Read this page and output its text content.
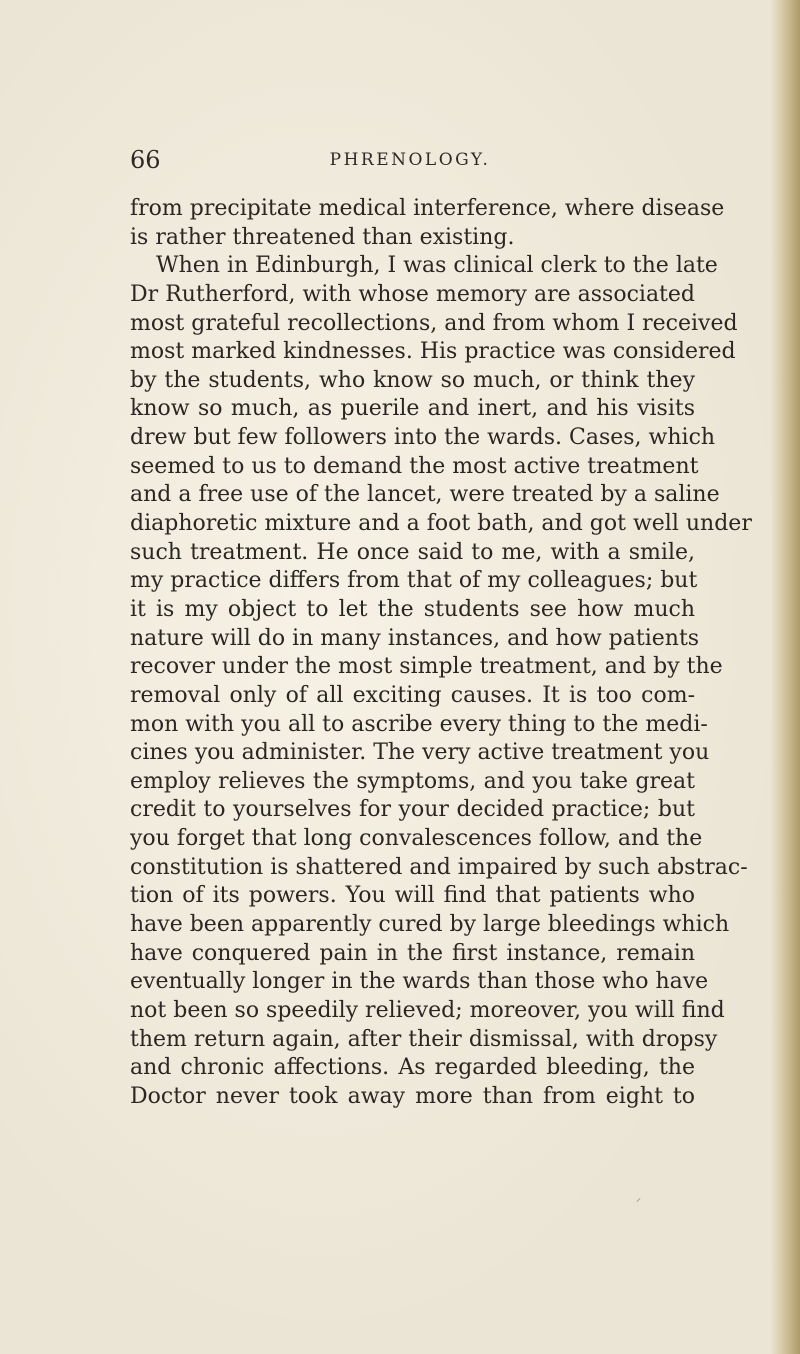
66	PHRENOLOGY.
from precipitate medical interference, where disease
is rather threatened than existing.
When in Edinburgh, I was clinical clerk to the late
Dr Rutherford, with whose memory are associated
most grateful recollections, and from whom I received
most marked kindnesses. His practice was considered
by the students, who know so much, or think they
know so much, as puerile and inert, and his visits
drew but few followers into the wards. Cases, which
seemed to us to demand the most active treatment
and a free use of the lancet, were treated by a saline
diaphoretic mixture and a foot bath, and got well under
such treatment. He once said to me, with a smile,
my practice differs from that of my colleagues; but
it is my object to let the students see how much
nature will do in many instances, and how patients
recover under the most simple treatment, and by the
removal only of all exciting causes. It is too com-
mon with you all to ascribe every thing to the medi-
cines you administer. The very active treatment you
employ relieves the symptoms, and you take great
credit to yourselves for your decided practice; but
you forget that long convalescences follow, and the
constitution is shattered and impaired by such abstrac-
tion of its powers. You will find that patients who
have been apparently cured by large bleedings which
have conquered pain in the first instance, remain
eventually longer in the wards than those who have
not been so speedily relieved; moreover, you will find
them return again, after their dismissal, with dropsy
and chronic affections. As regarded bleeding, the
Doctor never took away more than from eight to
⸝
